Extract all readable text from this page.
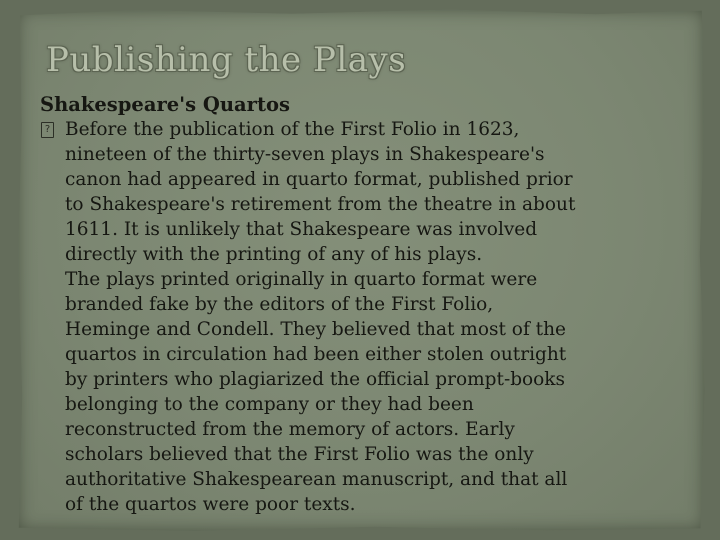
Publishing the Plays
Shakespeare's Quartos
?
Before the publication of the First Folio in 1623,
nineteen of the thirty-seven plays in Shakespeare's
canon had appeared in quarto format, published prior
to Shakespeare's retirement from the theatre in about
1611. It is unlikely that Shakespeare was involved
directly with the printing of any of his plays.
The plays printed originally in quarto format were
branded fake by the editors of the First Folio,
Heminge and Condell. They believed that most of the
quartos in circulation had been either stolen outright
by printers who plagiarized the official prompt-books
belonging to the company or they had been
reconstructed from the memory of actors. Early
scholars believed that the First Folio was the only
authoritative Shakespearean manuscript, and that all
of the quartos were poor texts.
